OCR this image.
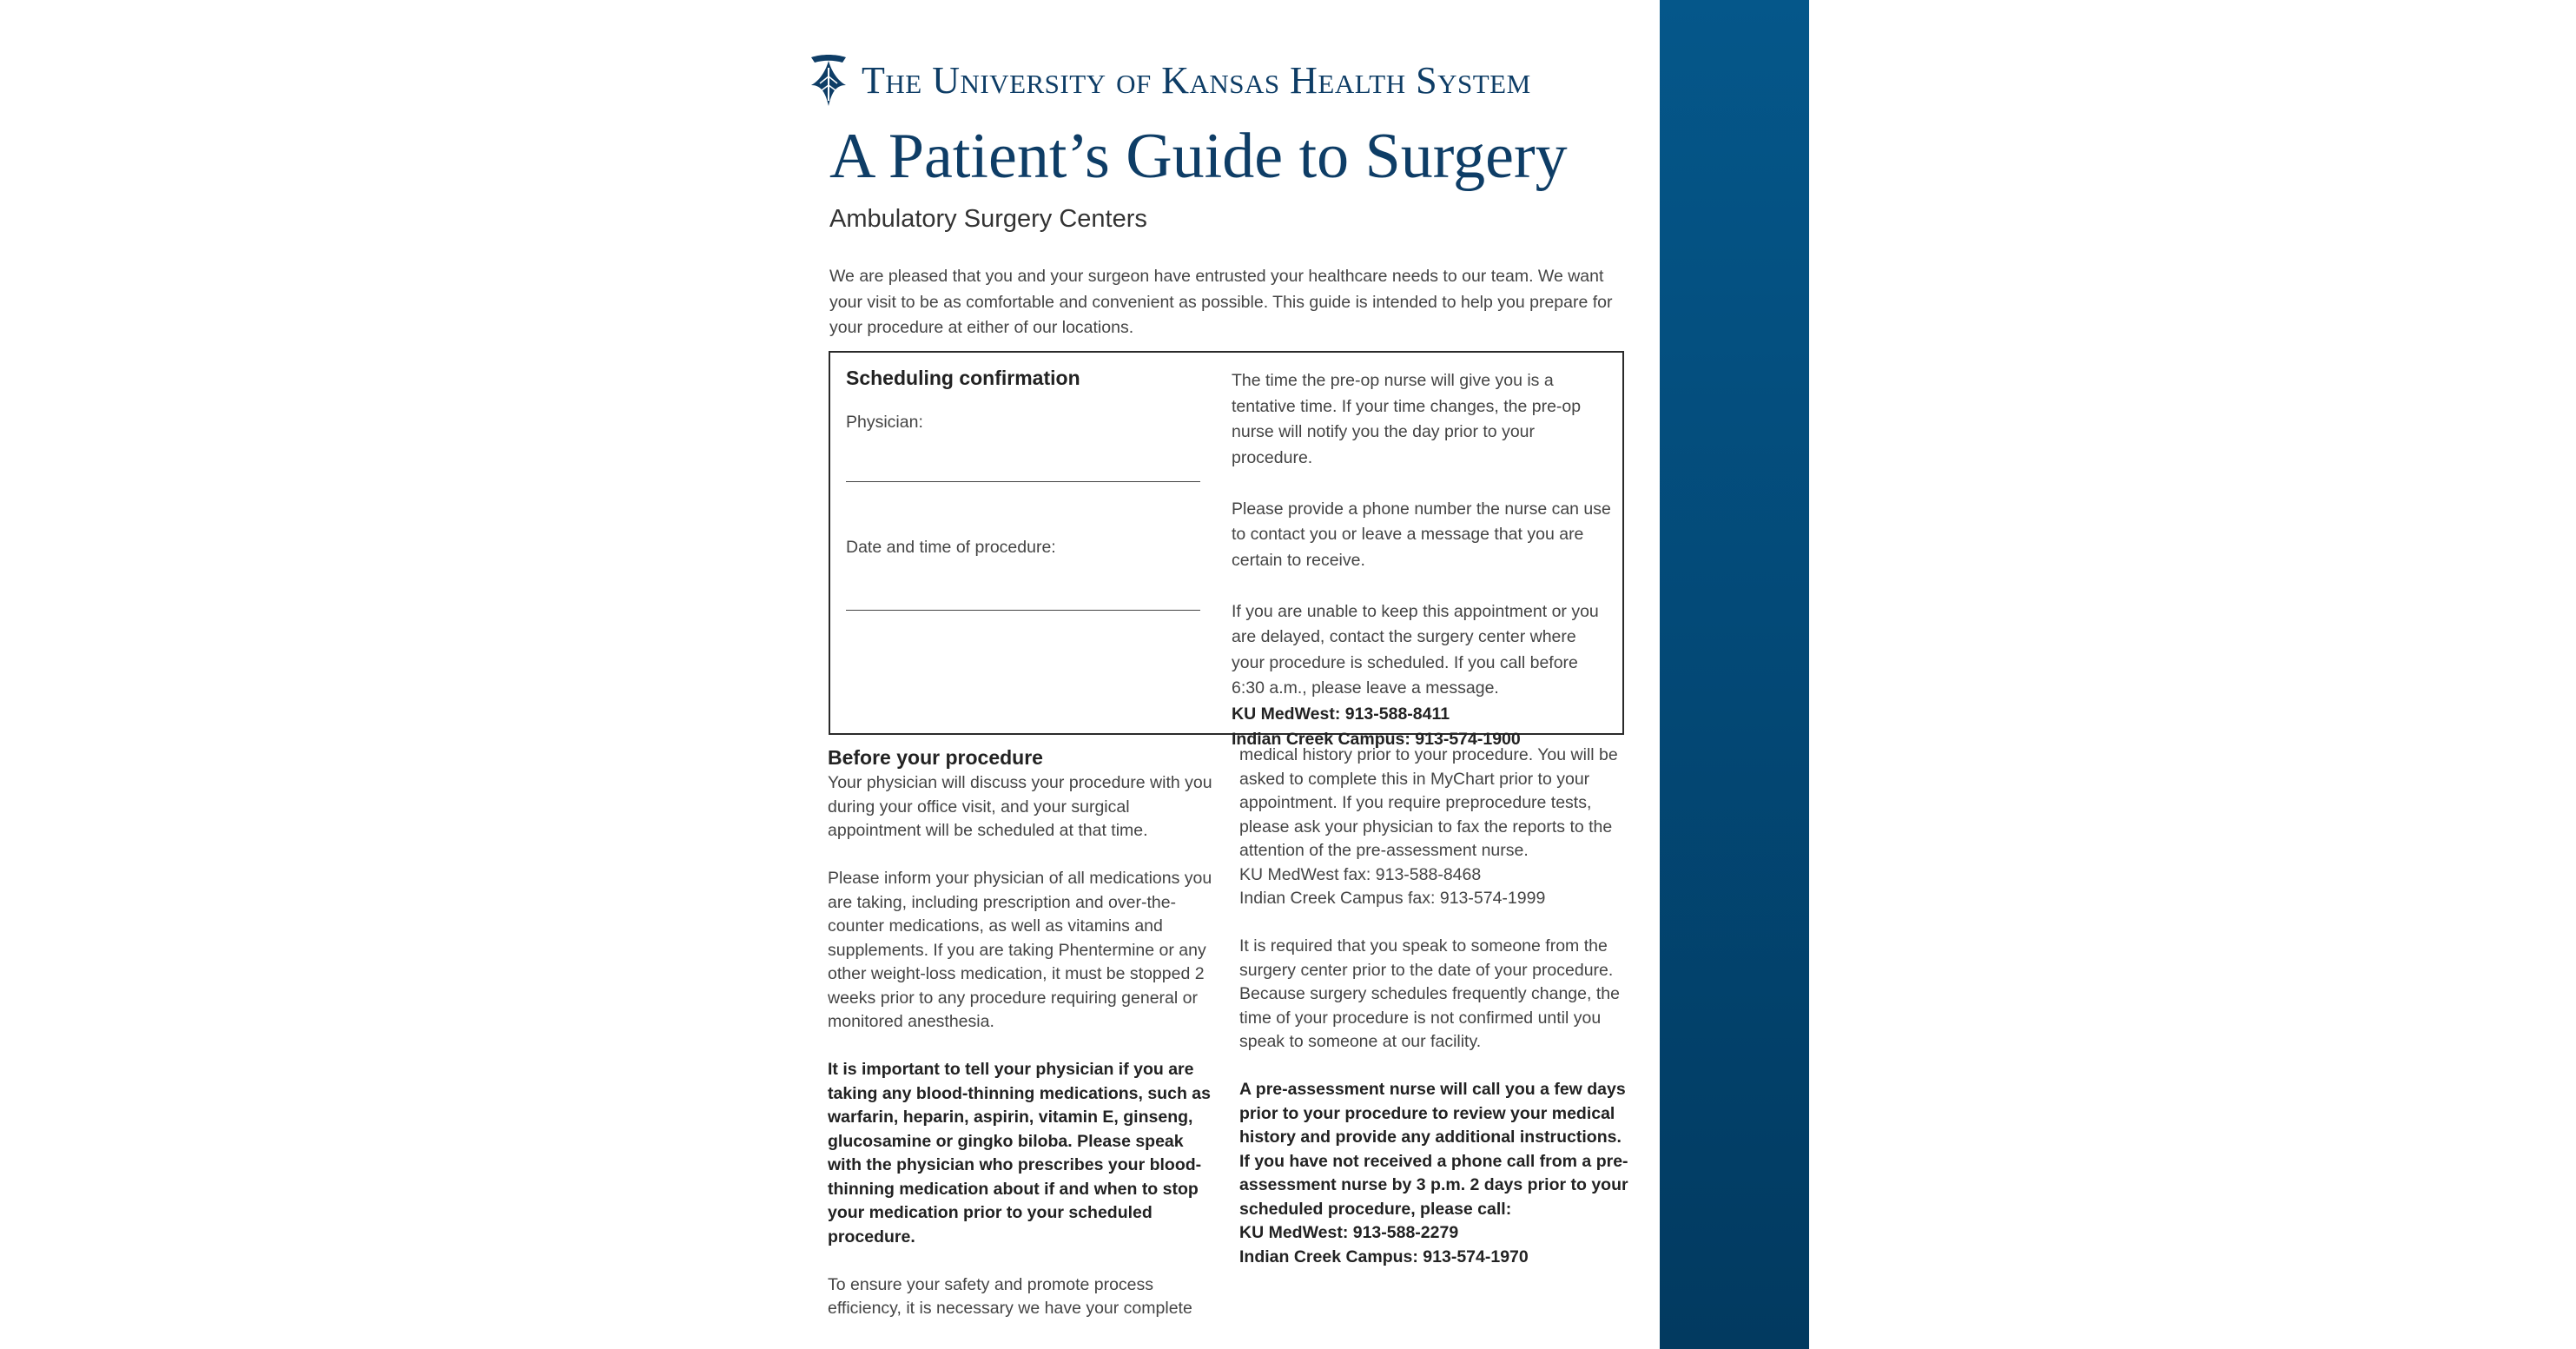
The University of Kansas Health System
A Patient’s Guide to Surgery
Ambulatory Surgery Centers

We are pleased that you and your surgeon have entrusted your healthcare needs to our team. We want your visit to be as comfortable and convenient as possible. This guide is intended to help you prepare for your procedure at either of our locations.

Scheduling confirmation
Physician:
Date and time of procedure:

The time the pre-op nurse will give you is a tentative time. If your time changes, the pre-op nurse will notify you the day prior to your procedure.

Please provide a phone number the nurse can use to contact you or leave a message that you are certain to receive.

If you are unable to keep this appointment or you are delayed, contact the surgery center where your procedure is scheduled. If you call before 6:30 a.m., please leave a message.

KU MedWest: 913-588-8411

Indian Creek Campus: 913-574-1900

Before your procedure

Your physician will discuss your procedure with you during your office visit, and your surgical appointment will be scheduled at that time.

Please inform your physician of all medications you are taking, including prescription and over-the-counter medications, as well as vitamins and supplements. If you are taking Phentermine or any other weight-loss medication, it must be stopped 2 weeks prior to any procedure requiring general or monitored anesthesia.

It is important to tell your physician if you are taking any blood-thinning medications, such as warfarin, heparin, aspirin, vitamin E, ginseng, glucosamine or gingko biloba. Please speak with the physician who prescribes your blood-thinning medication about if and when to stop your medication prior to your scheduled procedure.

To ensure your safety and promote process efficiency, it is necessary we have your complete

medical history prior to your procedure. You will be asked to complete this in MyChart prior to your appointment. If you require preprocedure tests, please ask your physician to fax the reports to the attention of the pre-assessment nurse.

KU MedWest fax: 913-588-8468

Indian Creek Campus fax: 913-574-1999

It is required that you speak to someone from the surgery center prior to the date of your procedure. Because surgery schedules frequently change, the time of your procedure is not confirmed until you speak to someone at our facility.

A pre-assessment nurse will call you a few days prior to your procedure to review your medical history and provide any additional instructions. If you have not received a phone call from a pre-assessment nurse by 3 p.m. 2 days prior to your scheduled procedure, please call:

KU MedWest: 913-588-2279

Indian Creek Campus: 913-574-1970
